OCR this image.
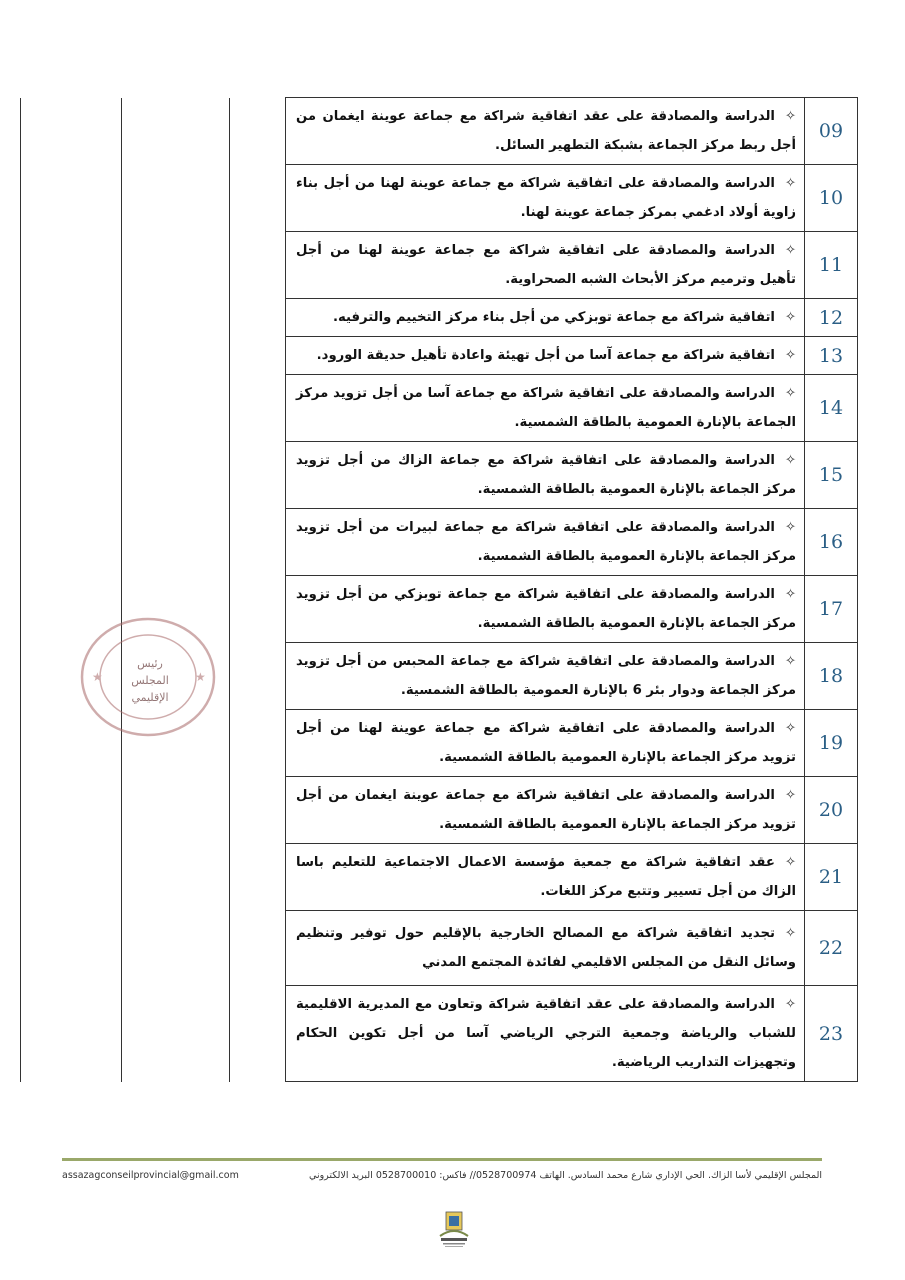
			✧الدراسة والمصادقة على عقد اتفاقية شراكة مع جماعة عوينة ايغمان من أجل ربط مركز الجماعة بشبكة التطهير السائل.	09
			✧الدراسة والمصادقة على اتفاقية شراكة مع جماعة عوينة لهنا من أجل بناء زاوية أولاد ادغمي بمركز جماعة عوينة لهنا.	10
			✧الدراسة والمصادقة على اتفاقية شراكة مع جماعة عوينة لهنا من أجل تأهيل وترميم مركز الأبحاث الشبه الصحراوية.	11
			✧اتفاقية شراكة مع جماعة توبزكي من أجل بناء مركز التخييم والترفيه.	12
			✧اتفاقية شراكة مع جماعة آسا من أجل تهيئة واعادة تأهيل حديقة الورود.	13
			✧الدراسة والمصادقة على اتفاقية شراكة مع جماعة آسا من أجل تزويد مركز الجماعة بالإنارة العمومية بالطاقة الشمسية.	14
			✧الدراسة والمصادقة على اتفاقية شراكة مع جماعة الزاك من أجل تزويد مركز الجماعة بالإنارة العمومية بالطاقة الشمسية.	15
			✧الدراسة والمصادقة على اتفاقية شراكة مع جماعة لبيرات من أجل تزويد مركز الجماعة بالإنارة العمومية بالطاقة الشمسية.	16
			✧الدراسة والمصادقة على اتفاقية شراكة مع جماعة توبزكي من أجل تزويد مركز الجماعة بالإنارة العمومية بالطاقة الشمسية.	17
			✧الدراسة والمصادقة على اتفاقية شراكة مع جماعة المحبس من أجل تزويد مركز الجماعة ودوار بئر 6 بالإنارة العمومية بالطاقة الشمسية.	18
			✧الدراسة والمصادقة على اتفاقية شراكة مع جماعة عوينة لهنا من أجل تزويد مركز الجماعة بالإنارة العمومية بالطاقة الشمسية.	19
			✧الدراسة والمصادقة على اتفاقية شراكة مع جماعة عوينة ايغمان من أجل تزويد مركز الجماعة بالإنارة العمومية بالطاقة الشمسية.	20
			✧عقد اتفاقية شراكة مع جمعية مؤسسة الاعمال الاجتماعية للتعليم باسا الزاك من أجل تسيير وتتبع مركز اللغات.	21
			✧تجديد اتفاقية شراكة مع المصالح الخارجية بالإقليم حول توفير وتنظيم وسائل النقل من المجلس الاقليمي لفائدة المجتمع المدني	22
			✧الدراسة والمصادقة على عقد اتفاقية شراكة وتعاون مع المديرية الاقليمية للشباب والرياضة وجمعية الترجي الرياضي آسا من أجل تكوين الحكام وتجهيزات التداريب الرياضية.	23
★	★
رئيس
المجلس
الإقليمي
assazagconseilprovincial@gmail.com	المجلس الإقليمي لأسا الزاك. الحي الإداري شارع محمد السادس. الهاتف 0528700974// فاكس: 0528700010 البريد الالكتروني
